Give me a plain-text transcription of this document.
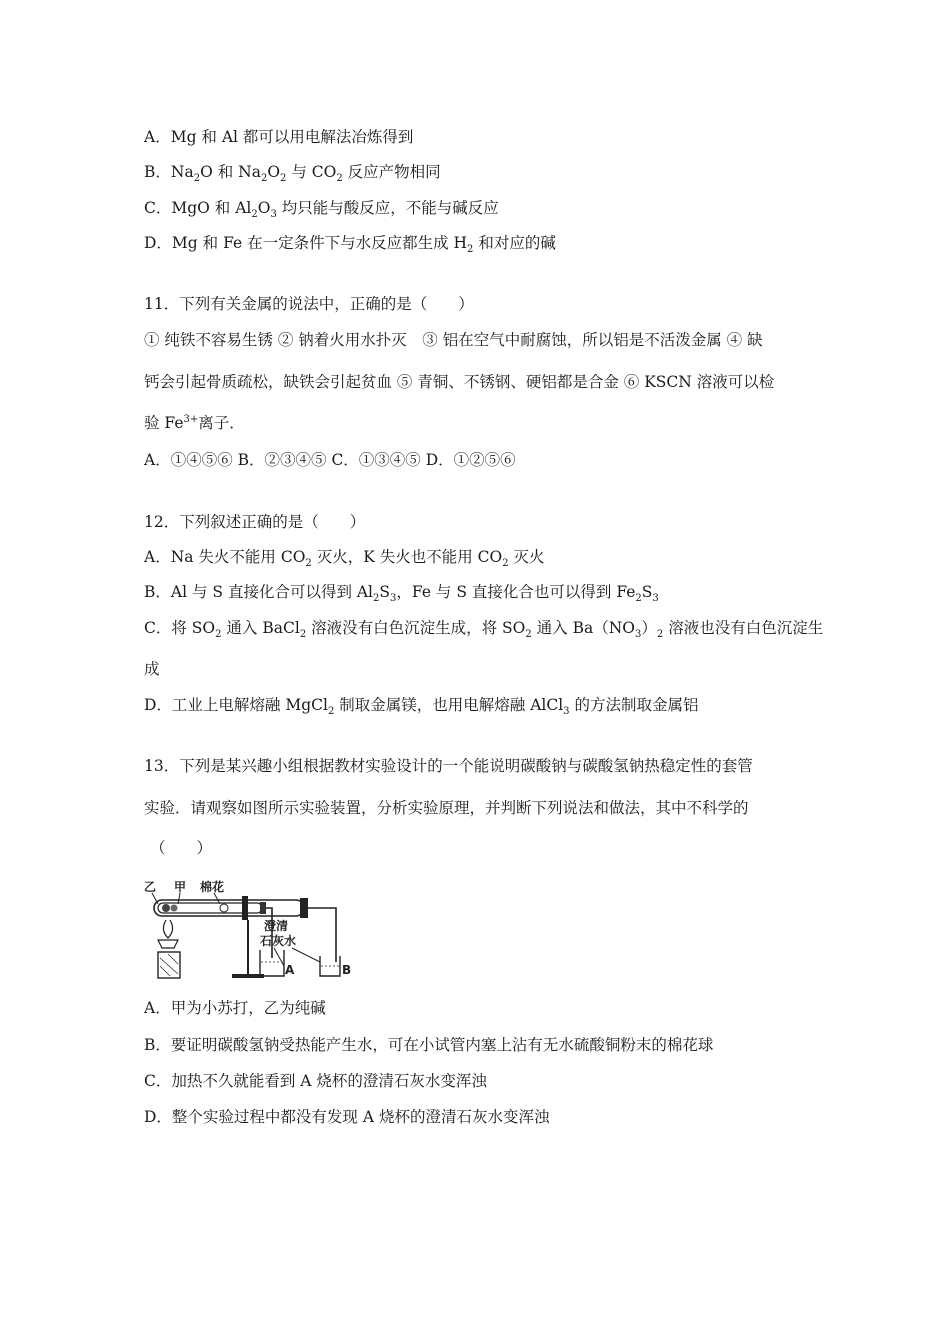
A．Mg 和 Al 都可以用电解法冶炼得到
B．$Na_2O$ 和 $Na_2O_2$ 与 $CO_2$ 反应产物相同
C．MgO 和 $Al_2O_3$ 均只能与酸反应，不能与碱反应
D．Mg 和 Fe 在一定条件下与水反应都生成 $H_2$ 和对应的碱
11．下列有关金属的说法中，正确的是（　　）
① 纯铁不容易生锈 ② 钠着火用水扑灭　③ 铝在空气中耐腐蚀，所以铝是不活泼金属 ④ 缺
钙会引起骨质疏松，缺铁会引起贫血 ⑤ 青铜、不锈钢、硬铝都是合金 ⑥ KSCN 溶液可以检
验 $Fe^{3+}$离子．
A．①④⑤⑥ B．②③④⑤ C．①③④⑤ D．①②⑤⑥
12．下列叙述正确的是（　　）
A．Na 失火不能用 $CO_2$ 灭火，K 失火也不能用 $CO_2$ 灭火
B．Al 与 S 直接化合可以得到 $Al_2S_3$，Fe 与 S 直接化合也可以得到 $Fe_2S_3$
C．将 $SO_2$ 通入 BaCl$_2$ 溶液没有白色沉淀生成，将 $SO_2$ 通入 $Ba(NO_3)_2$ 溶液也没有白色沉淀生
成
D．工业上电解熔融 MgCl$_2$ 制取金属镁，也用电解熔融 AlCl$_3$ 的方法制取金属铝
13．下列是某兴趣小组根据教材实验设计的一个能说明碳酸钠与碳酸氢钠热稳定性的套管
实验．请观察如图所示实验装置，分析实验原理，并判断下列说法和做法，其中不科学的
（　　）
乙 甲 棉花
澄清
石灰水
A	B
A．甲为小苏打，乙为纯碱
B．要证明碳酸氢钠受热能产生水，可在小试管内塞上沾有无水硫酸铜粉末的棉花球
C．加热不久就能看到 A 烧杯的澄清石灰水变浑浊
D．整个实验过程中都没有发现 A 烧杯的澄清石灰水变浑浊
